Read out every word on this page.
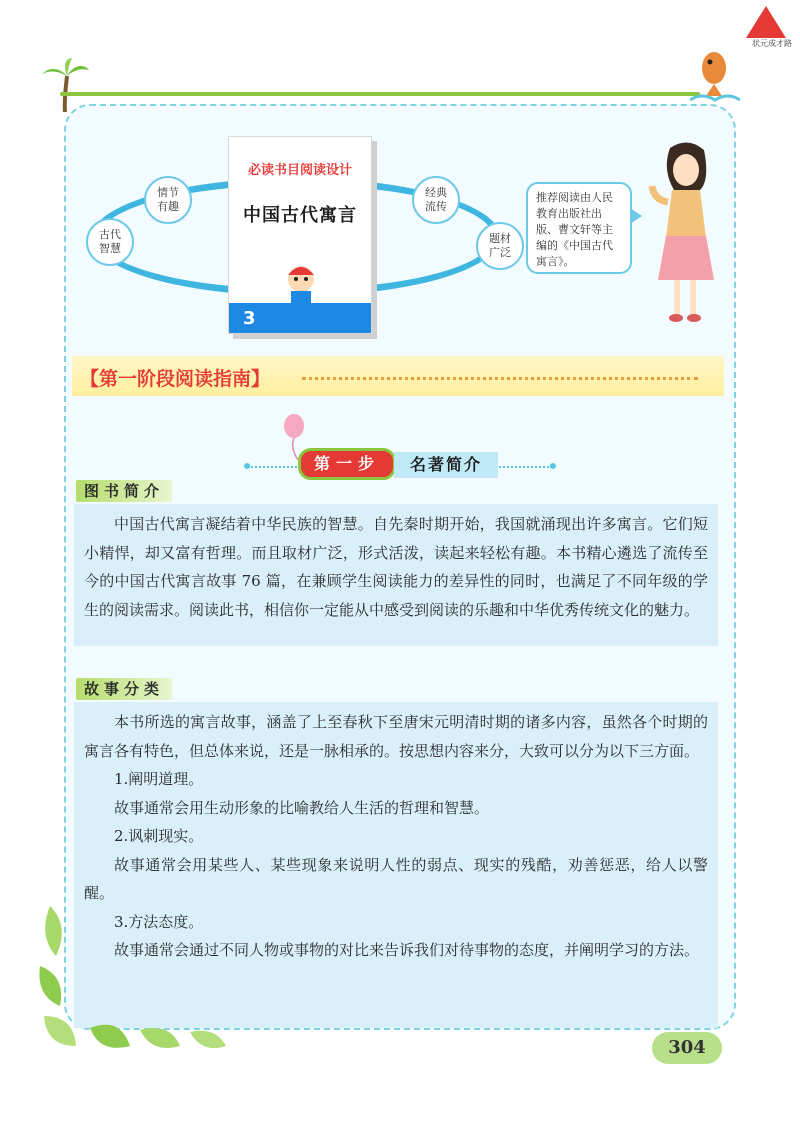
状元成才路
古代智慧
情节有趣
经典流传
题材广泛
必读书目阅读设计
中国古代寓言
3
推荐阅读由人民教育出版社出版、曹文轩等主编的《中国古代寓言》。
【第一阶段阅读指南】
第一步	名著简介
图书简介

中国古代寓言凝结着中华民族的智慧。自先秦时期开始，我国就涌现出许多寓言。它们短小精悍，却又富有哲理。而且取材广泛，形式活泼，读起来轻松有趣。本书精心遴选了流传至今的中国古代寓言故事 76 篇，在兼顾学生阅读能力的差异性的同时，也满足了不同年级的学生的阅读需求。阅读此书，相信你一定能从中感受到阅读的乐趣和中华优秀传统文化的魅力。

故事分类

本书所选的寓言故事，涵盖了上至春秋下至唐宋元明清时期的诸多内容，虽然各个时期的寓言各有特色，但总体来说，还是一脉相承的。按思想内容来分，大致可以分为以下三方面。

1.阐明道理。

故事通常会用生动形象的比喻教给人生活的哲理和智慧。

2.讽刺现实。

故事通常会用某些人、某些现象来说明人性的弱点、现实的残酷，劝善惩恶，给人以警醒。

3.方法态度。

故事通常会通过不同人物或事物的对比来告诉我们对待事物的态度，并阐明学习的方法。

304
